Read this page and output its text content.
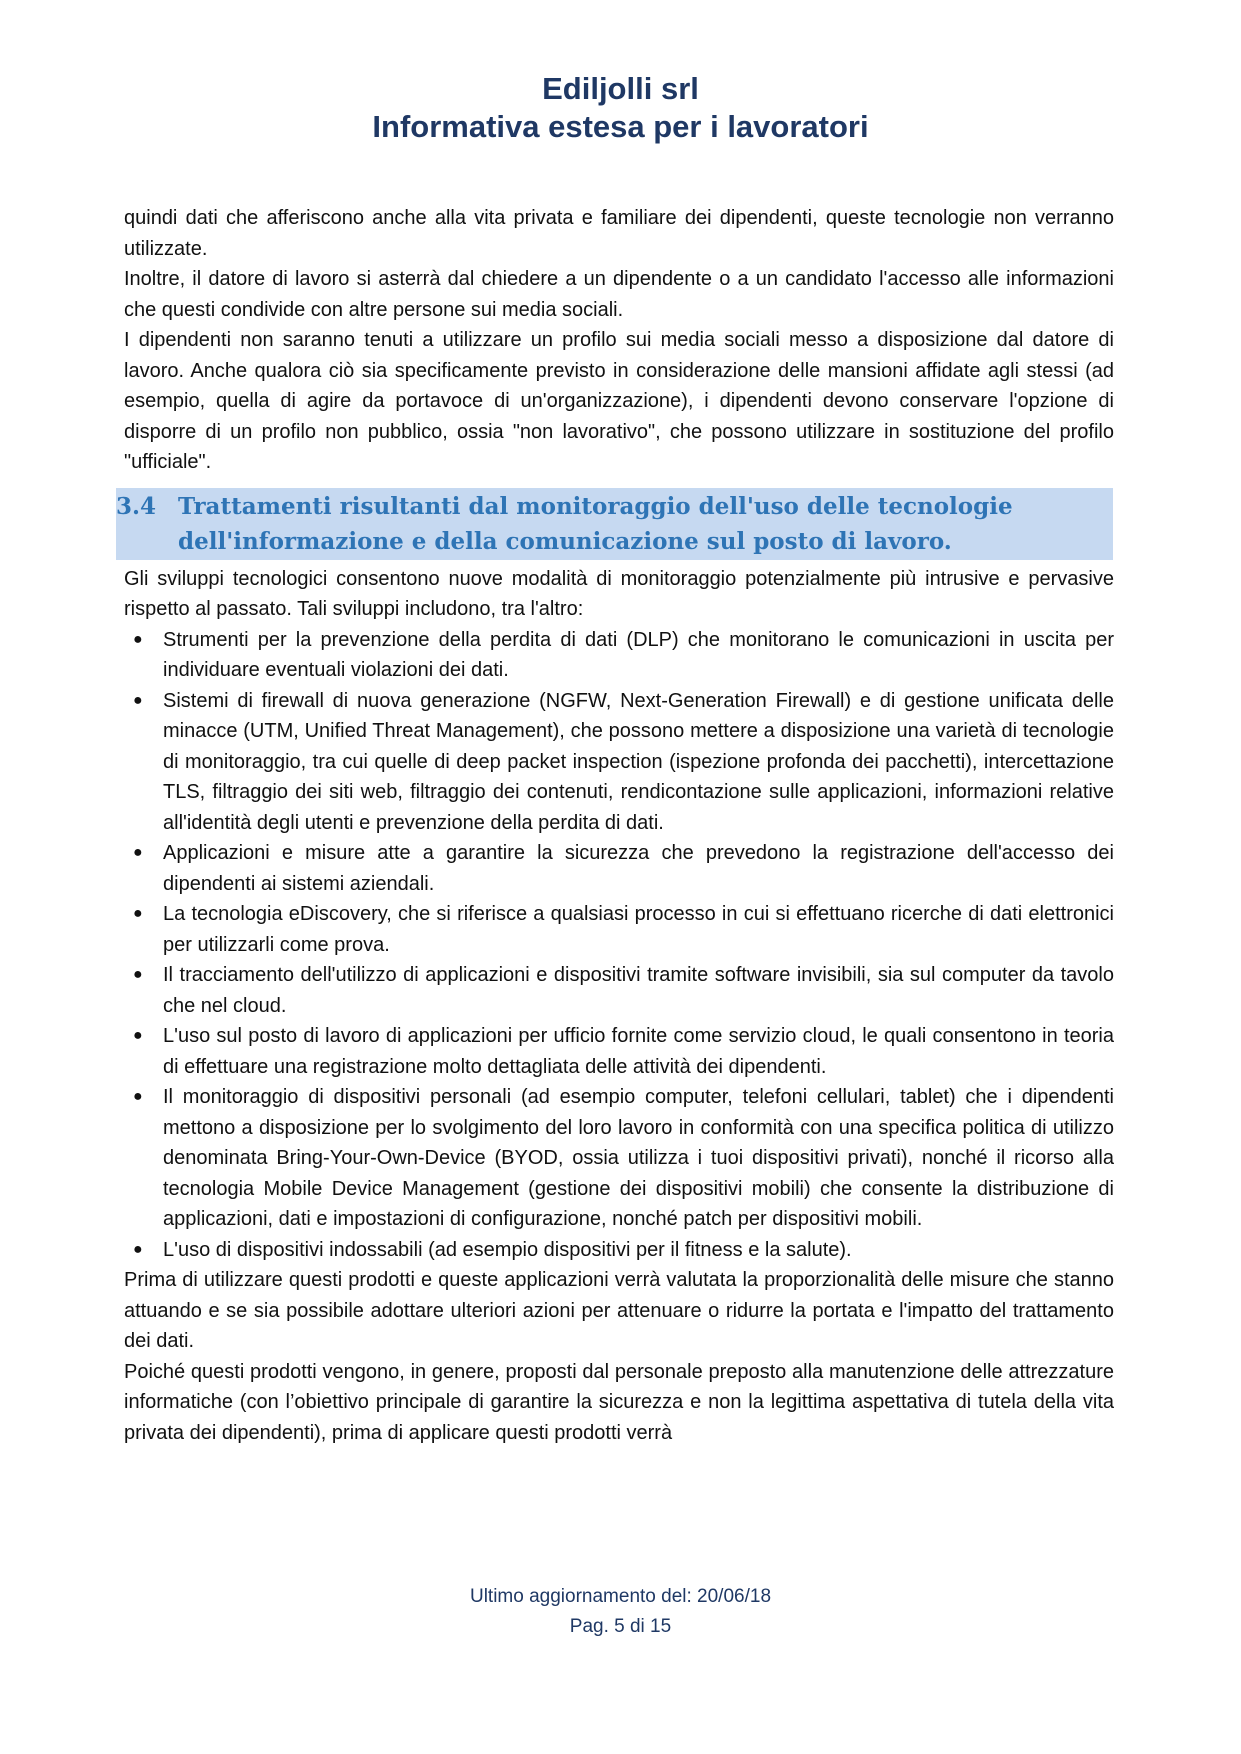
Ediljolli srl
Informativa estesa per i lavoratori

quindi dati che afferiscono anche alla vita privata e familiare dei dipendenti, queste tecnologie non verranno utilizzate.

Inoltre, il datore di lavoro si asterrà dal chiedere a un dipendente o a un candidato l'accesso alle informazioni che questi condivide con altre persone sui media sociali.

I dipendenti non saranno tenuti a utilizzare un profilo sui media sociali messo a disposizione dal datore di lavoro. Anche qualora ciò sia specificamente previsto in considerazione delle mansioni affidate agli stessi (ad esempio, quella di agire da portavoce di un'organizzazione), i dipendenti devono conservare l'opzione di disporre di un profilo non pubblico, ossia "non lavorativo", che possono utilizzare in sostituzione del profilo "ufficiale".

3.4 Trattamenti risultanti dal monitoraggio dell'uso delle tecnologie dell'informazione e della comunicazione sul posto di lavoro.

Gli sviluppi tecnologici consentono nuove modalità di monitoraggio potenzialmente più intrusive e pervasive rispetto al passato. Tali sviluppi includono, tra l'altro:

● Strumenti per la prevenzione della perdita di dati (DLP) che monitorano le comunicazioni in uscita per individuare eventuali violazioni dei dati.
● Sistemi di firewall di nuova generazione (NGFW, Next-Generation Firewall) e di gestione unificata delle minacce (UTM, Unified Threat Management), che possono mettere a disposizione una varietà di tecnologie di monitoraggio, tra cui quelle di deep packet inspection (ispezione profonda dei pacchetti), intercettazione TLS, filtraggio dei siti web, filtraggio dei contenuti, rendicontazione sulle applicazioni, informazioni relative all'identità degli utenti e prevenzione della perdita di dati.
● Applicazioni e misure atte a garantire la sicurezza che prevedono la registrazione dell'accesso dei dipendenti ai sistemi aziendali.
● La tecnologia eDiscovery, che si riferisce a qualsiasi processo in cui si effettuano ricerche di dati elettronici per utilizzarli come prova.
● Il tracciamento dell'utilizzo di applicazioni e dispositivi tramite software invisibili, sia sul computer da tavolo che nel cloud.
● L'uso sul posto di lavoro di applicazioni per ufficio fornite come servizio cloud, le quali consentono in teoria di effettuare una registrazione molto dettagliata delle attività dei dipendenti.
● Il monitoraggio di dispositivi personali (ad esempio computer, telefoni cellulari, tablet) che i dipendenti mettono a disposizione per lo svolgimento del loro lavoro in conformità con una specifica politica di utilizzo denominata Bring-Your-Own-Device (BYOD, ossia utilizza i tuoi dispositivi privati), nonché il ricorso alla tecnologia Mobile Device Management (gestione dei dispositivi mobili) che consente la distribuzione di applicazioni, dati e impostazioni di configurazione, nonché patch per dispositivi mobili.
● L'uso di dispositivi indossabili (ad esempio dispositivi per il fitness e la salute).

Prima di utilizzare questi prodotti e queste applicazioni verrà valutata la proporzionalità delle misure che stanno attuando e se sia possibile adottare ulteriori azioni per attenuare o ridurre la portata e l'impatto del trattamento dei dati.

Poiché questi prodotti vengono, in genere, proposti dal personale preposto alla manutenzione delle attrezzature informatiche (con l’obiettivo principale di garantire la sicurezza e non la legittima aspettativa di tutela della vita privata dei dipendenti), prima di applicare questi prodotti verrà

Ultimo aggiornamento del: 20/06/18
Pag. 5 di 15
